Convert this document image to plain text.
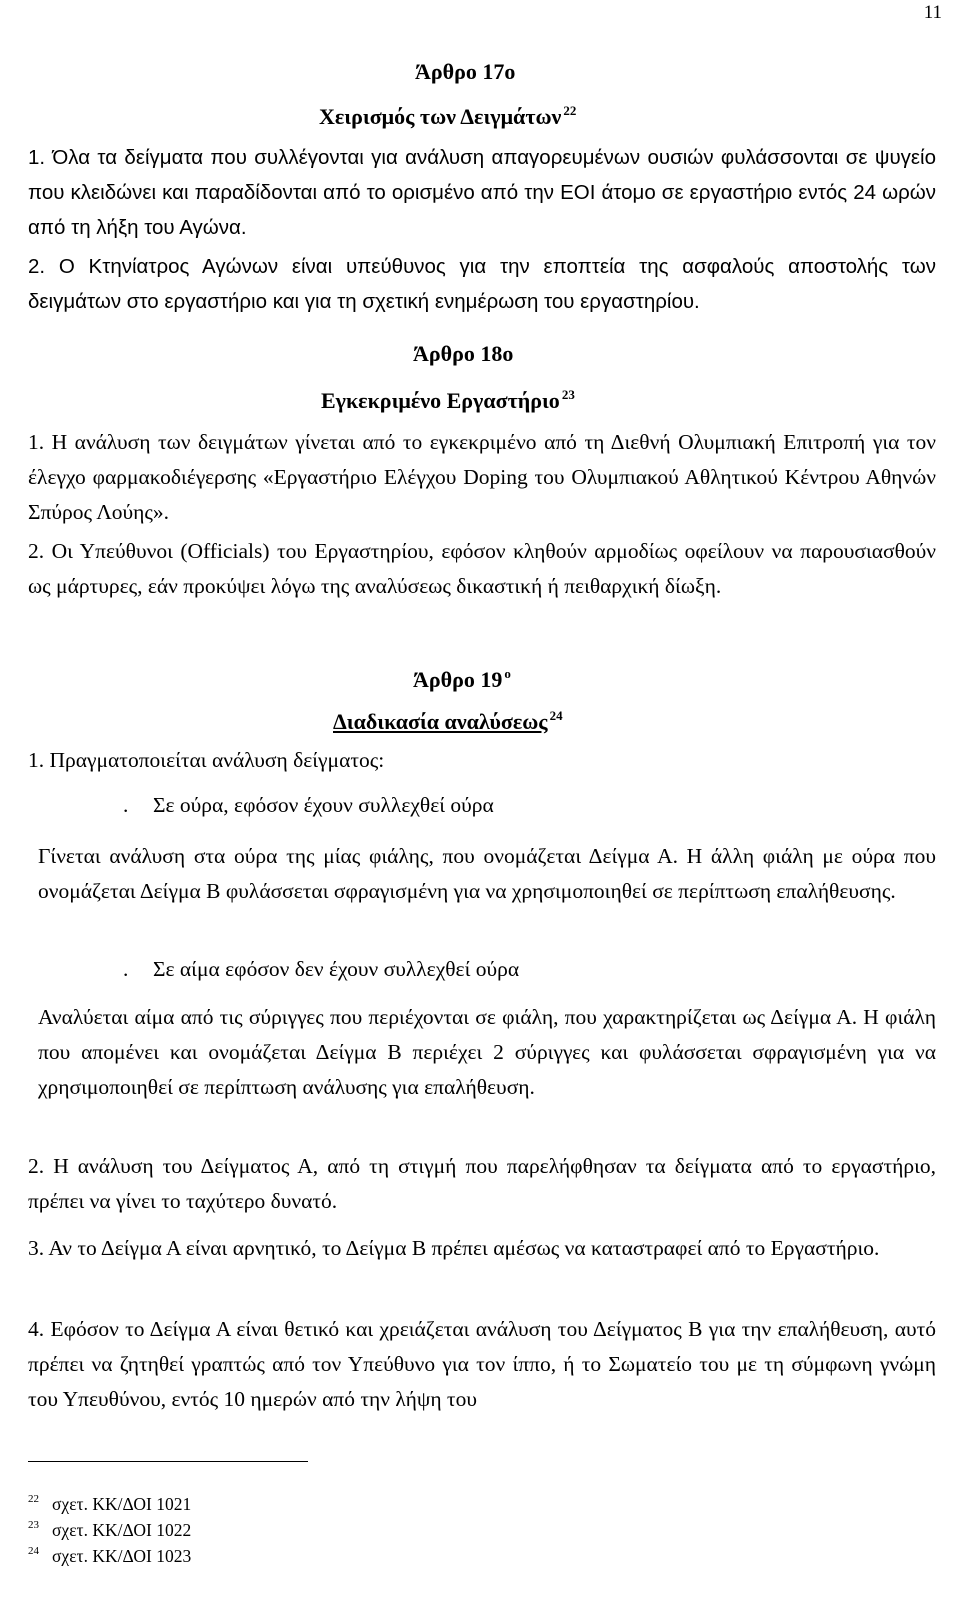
11
Άρθρο 17ο
Χειρισμός των Δειγμάτων $^{22}$
1. Όλα τα δείγματα που συλλέγονται για ανάλυση απαγορευμένων ουσιών φυλάσσονται σε ψυγείο που κλειδώνει και παραδίδονται από το ορισμένο από την ΕΟΙ άτομο σε εργαστήριο εντός 24 ωρών από τη λήξη του Αγώνα.
2. Ο Κτηνίατρος Αγώνων είναι υπεύθυνος για την εποπτεία της ασφαλούς αποστολής των δειγμάτων στο εργαστήριο και για τη σχετική ενημέρωση του εργαστηρίου.
Άρθρο 18ο
Εγκεκριμένο Εργαστήριο $^{23}$
1. Η ανάλυση των δειγμάτων γίνεται από το εγκεκριμένο από τη Διεθνή Ολυμπιακή Επιτροπή για τον έλεγχο φαρμακοδιέγερσης «Εργαστήριο Ελέγχου Doping του Ολυμπιακού Αθλητικού Κέντρου Αθηνών Σπύρος Λούης».
2. Οι Υπεύθυνοι (Officials) του Εργαστηρίου, εφόσον κληθούν αρμοδίως οφείλουν να παρουσιασθούν ως μάρτυρες, εάν προκύψει λόγω της αναλύσεως δικαστική ή πειθαρχική δίωξη.
Άρθρο 19 $^o$
Διαδικασία αναλύσεως $^{24}$
1. Πραγματοποιείται ανάλυση δείγματος:
. Σε ούρα, εφόσον έχουν συλλεχθεί ούρα
Γίνεται ανάλυση στα ούρα της μίας φιάλης, που ονομάζεται Δείγμα Α. Η άλλη φιάλη με ούρα που ονομάζεται Δείγμα Β φυλάσσεται σφραγισμένη για να χρησιμοποιηθεί σε περίπτωση επαλήθευσης.
. Σε αίμα εφόσον δεν έχουν συλλεχθεί ούρα
Αναλύεται αίμα από τις σύριγγες που περιέχονται σε φιάλη, που χαρακτηρίζεται ως Δείγμα Α. Η φιάλη που απομένει και ονομάζεται Δείγμα Β περιέχει 2 σύριγγες και φυλάσσεται σφραγισμένη για να χρησιμοποιηθεί σε περίπτωση ανάλυσης για επαλήθευση.
2. Η ανάλυση του Δείγματος Α, από τη στιγμή που παρελήφθησαν τα δείγματα από το εργαστήριο, πρέπει να γίνει το ταχύτερο δυνατό.
3. Αν το Δείγμα Α είναι αρνητικό, το Δείγμα Β πρέπει αμέσως να καταστραφεί από το Εργαστήριο.
4. Εφόσον το Δείγμα Α είναι θετικό και χρειάζεται ανάλυση του Δείγματος Β για την επαλήθευση, αυτό πρέπει να ζητηθεί γραπτώς από τον Υπεύθυνο για τον ίππο, ή το Σωματείο του με τη σύμφωνη γνώμη του Υπευθύνου, εντός 10 ημερών από την λήψη του
$^{22}$ σχετ. ΚΚ/ΔΟΙ 1021
$^{23}$ σχετ. ΚΚ/ΔΟΙ 1022
$^{24}$ σχετ. ΚΚ/ΔΟΙ 1023
